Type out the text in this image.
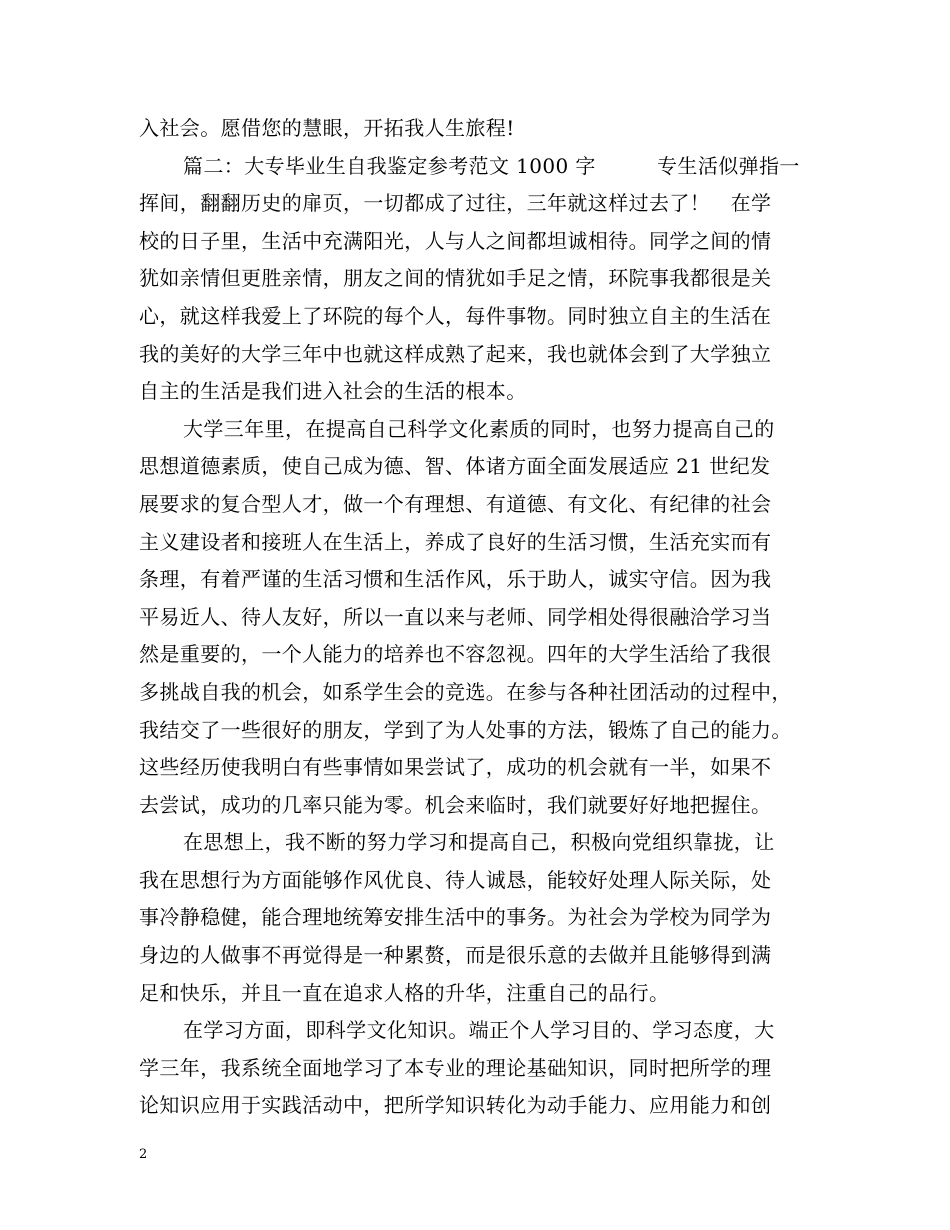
入社会。愿借您的慧眼，开拓我人生旅程!
篇二：大专毕业生自我鉴定参考范文 1000 字　　　专生活似弹指一
挥间，翻翻历史的扉页，一切都成了过往，三年就这样过去了！　在学
校的日子里，生活中充满阳光，人与人之间都坦诚相待。同学之间的情
犹如亲情但更胜亲情，朋友之间的情犹如手足之情，环院事我都很是关
心，就这样我爱上了环院的每个人，每件事物。同时独立自主的生活在
我的美好的大学三年中也就这样成熟了起来，我也就体会到了大学独立
自主的生活是我们进入社会的生活的根本。
大学三年里，在提高自己科学文化素质的同时，也努力提高自己的
思想道德素质，使自己成为德、智、体诸方面全面发展适应 21 世纪发
展要求的复合型人才，做一个有理想、有道德、有文化、有纪律的社会
主义建设者和接班人在生活上，养成了良好的生活习惯，生活充实而有
条理，有着严谨的生活习惯和生活作风，乐于助人，诚实守信。因为我
平易近人、待人友好，所以一直以来与老师、同学相处得很融洽学习当
然是重要的，一个人能力的培养也不容忽视。四年的大学生活给了我很
多挑战自我的机会，如系学生会的竞选。在参与各种社团活动的过程中，
我结交了一些很好的朋友，学到了为人处事的方法，锻炼了自己的能力。
这些经历使我明白有些事情如果尝试了，成功的机会就有一半，如果不
去尝试，成功的几率只能为零。机会来临时，我们就要好好地把握住。
在思想上，我不断的努力学习和提高自己，积极向党组织靠拢，让
我在思想行为方面能够作风优良、待人诚恳，能较好处理人际关际，处
事冷静稳健，能合理地统筹安排生活中的事务。为社会为学校为同学为
身边的人做事不再觉得是一种累赘，而是很乐意的去做并且能够得到满
足和快乐，并且一直在追求人格的升华，注重自己的品行。
在学习方面，即科学文化知识。端正个人学习目的、学习态度，大
学三年，我系统全面地学习了本专业的理论基础知识，同时把所学的理
论知识应用于实践活动中，把所学知识转化为动手能力、应用能力和创
2
